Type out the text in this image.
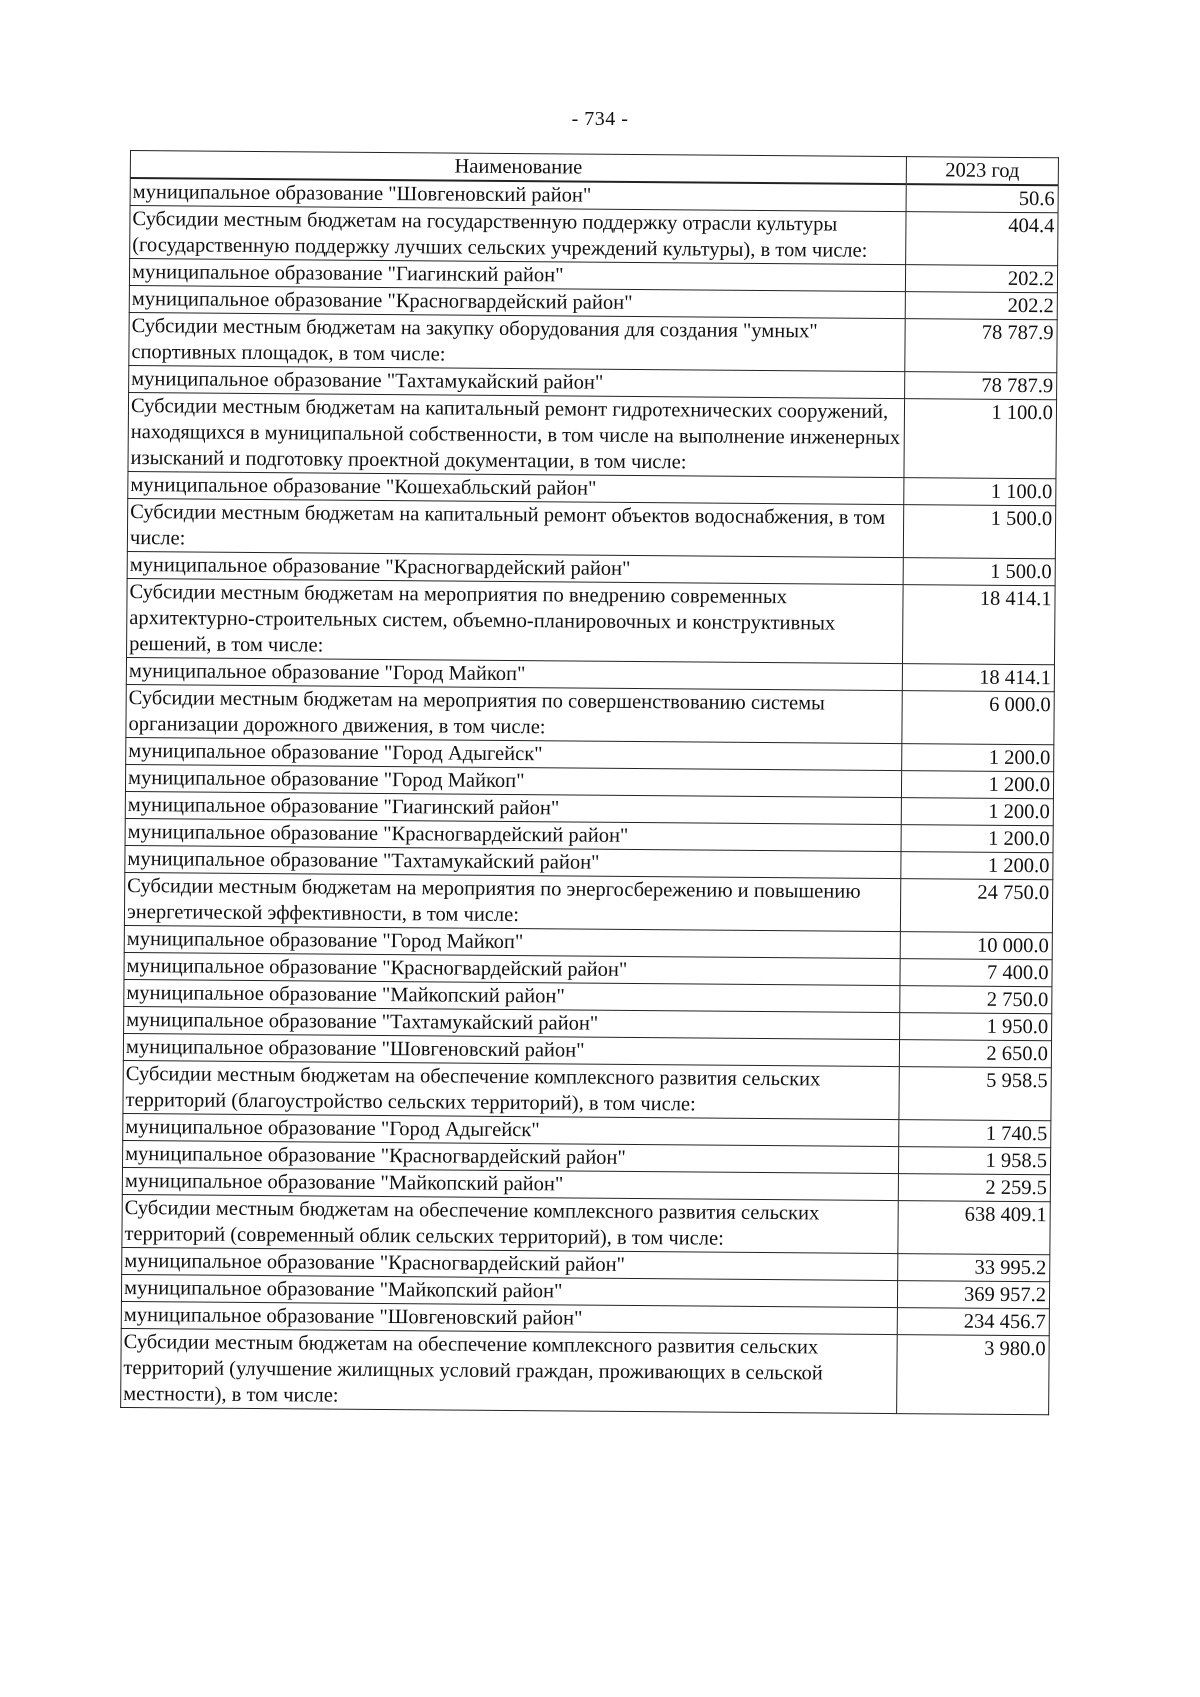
- 734 -
Наименование	2023 год
муниципальное образование "Шовгеновский район"	50.6
Субсидии местным бюджетам на государственную поддержку отрасли культуры (государственную поддержку лучших сельских учреждений культуры), в том числе:	404.4
муниципальное образование "Гиагинский район"	202.2
муниципальное образование "Красногвардейский район"	202.2
Субсидии местным бюджетам на закупку оборудования для создания "умных" спортивных площадок, в том числе:	78 787.9
муниципальное образование "Тахтамукайский район"	78 787.9
Субсидии местным бюджетам на капитальный ремонт гидротехнических сооружений, находящихся в муниципальной собственности, в том числе на выполнение инженерных изысканий и подготовку проектной документации, в том числе:	1 100.0
муниципальное образование "Кошехабльский район"	1 100.0
Субсидии местным бюджетам на капитальный ремонт объектов водоснабжения, в том числе:	1 500.0
муниципальное образование "Красногвардейский район"	1 500.0
Субсидии местным бюджетам на мероприятия по внедрению современных архитектурно-строительных систем, объемно-планировочных и конструктивных решений, в том числе:	18 414.1
муниципальное образование "Город Майкоп"	18 414.1
Субсидии местным бюджетам на мероприятия по совершенствованию системы организации дорожного движения, в том числе:	6 000.0
муниципальное образование "Город Адыгейск"	1 200.0
муниципальное образование "Город Майкоп"	1 200.0
муниципальное образование "Гиагинский район"	1 200.0
муниципальное образование "Красногвардейский район"	1 200.0
муниципальное образование "Тахтамукайский район"	1 200.0
Субсидии местным бюджетам на мероприятия по энергосбережению и повышению энергетической эффективности, в том числе:	24 750.0
муниципальное образование "Город Майкоп"	10 000.0
муниципальное образование "Красногвардейский район"	7 400.0
муниципальное образование "Майкопский район"	2 750.0
муниципальное образование "Тахтамукайский район"	1 950.0
муниципальное образование "Шовгеновский район"	2 650.0
Субсидии местным бюджетам на обеспечение комплексного развития сельских территорий (благоустройство сельских территорий), в том числе:	5 958.5
муниципальное образование "Город Адыгейск"	1 740.5
муниципальное образование "Красногвардейский район"	1 958.5
муниципальное образование "Майкопский район"	2 259.5
Субсидии местным бюджетам на обеспечение комплексного развития сельских территорий (современный облик сельских территорий), в том числе:	638 409.1
муниципальное образование "Красногвардейский район"	33 995.2
муниципальное образование "Майкопский район"	369 957.2
муниципальное образование "Шовгеновский район"	234 456.7
Субсидии местным бюджетам на обеспечение комплексного развития сельских территорий (улучшение жилищных условий граждан, проживающих в сельской местности), в том числе:	3 980.0
